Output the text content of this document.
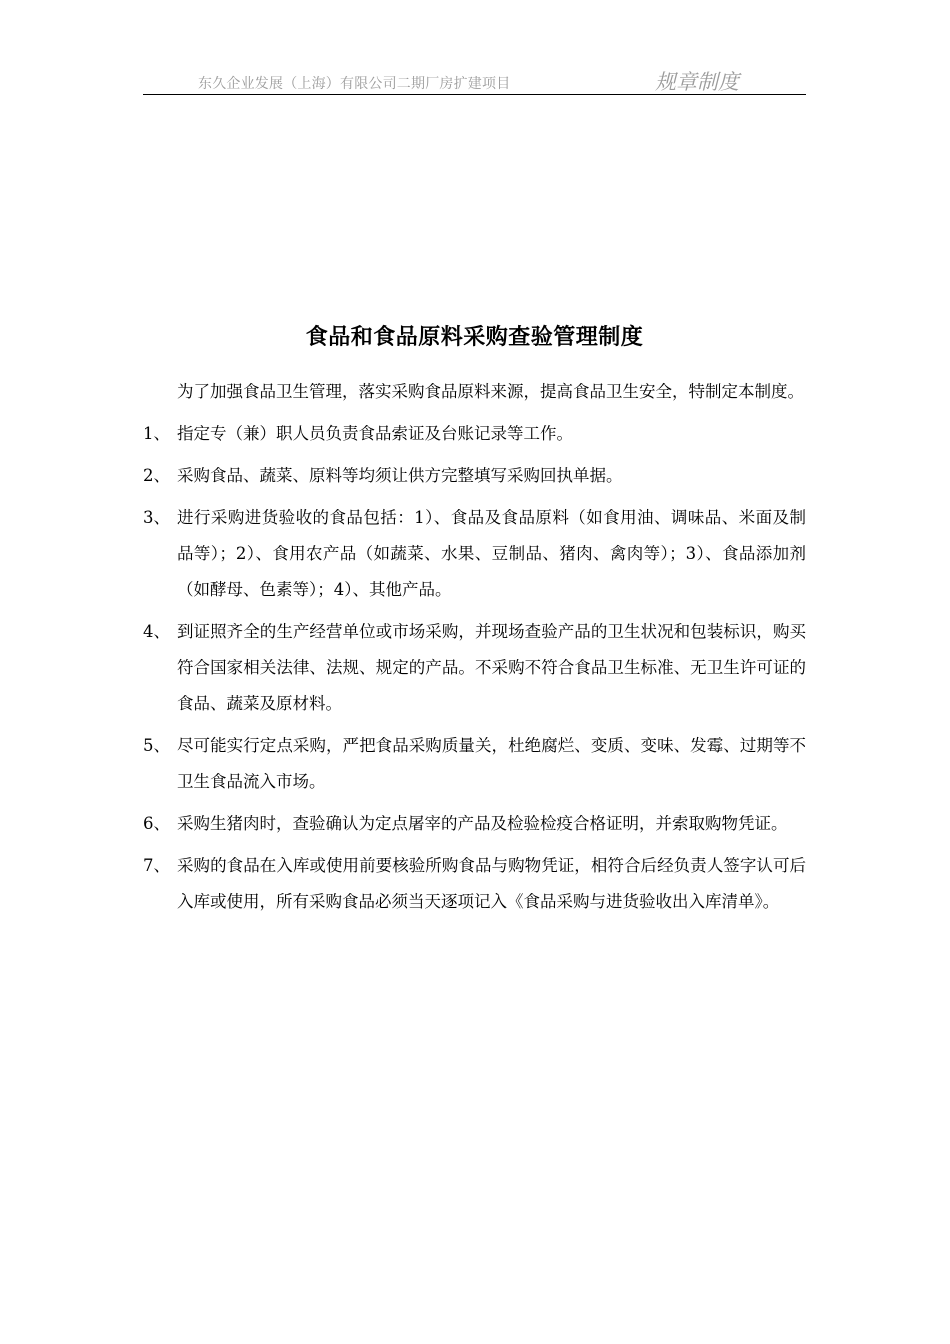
东久企业发展（上海）有限公司二期厂房扩建项目	规章制度
食品和食品原料采购查验管理制度

为了加强食品卫生管理，落实采购食品原料来源，提高食品卫生安全，特制定本制度。

1、 指定专（兼）职人员负责食品索证及台账记录等工作。
2、 采购食品、蔬菜、原料等均须让供方完整填写采购回执单据。
3、 进行采购进货验收的食品包括：1）、食品及食品原料（如食用油、调味品、米面及制品等）；2）、食用农产品（如蔬菜、水果、豆制品、猪肉、禽肉等）；3）、食品添加剂（如酵母、色素等）；4）、其他产品。
4、 到证照齐全的生产经营单位或市场采购，并现场查验产品的卫生状况和包装标识，购买符合国家相关法律、法规、规定的产品。不采购不符合食品卫生标准、无卫生许可证的食品、蔬菜及原材料。
5、 尽可能实行定点采购，严把食品采购质量关，杜绝腐烂、变质、变味、发霉、过期等不卫生食品流入市场。
6、 采购生猪肉时，查验确认为定点屠宰的产品及检验检疫合格证明，并索取购物凭证。
7、 采购的食品在入库或使用前要核验所购食品与购物凭证，相符合后经负责人签字认可后入库或使用，所有采购食品必须当天逐项记入《食品采购与进货验收出入库清单》。
